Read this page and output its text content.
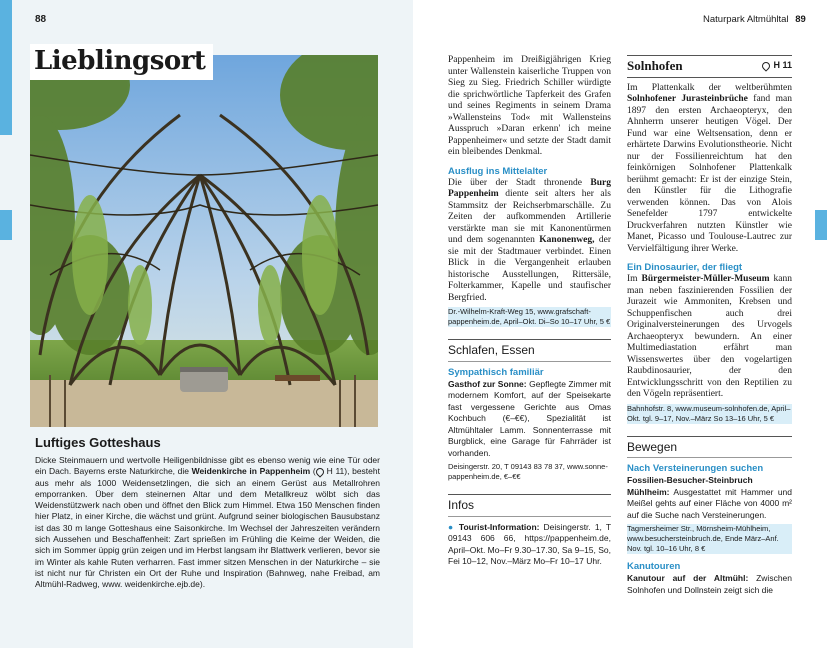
88
Lieblingsort
Luftiges Gotteshaus
Dicke Steinmauern und wertvolle Heiligenbildnisse gibt es ebenso wenig wie eine Tür oder ein Dach. Bayerns erste Naturkirche, die Weidenkirche in Pappenheim ( H 11), besteht aus mehr als 1000 Weidensetzlingen, die sich an einem Gerüst aus Metallrohren emporranken. Über dem steinernen Altar und dem Metallkreuz wölbt sich das Weidenstützwerk nach oben und öffnet den Blick zum Himmel. Etwa 150 Menschen finden hier Platz, in einer Kirche, die wächst und grünt. Aufgrund seiner biologischen Bausubstanz ist das 30 m lange Gotteshaus eine Saisonkirche. Im Wechsel der Jahreszeiten verändern sich Aussehen und Beschaffenheit: Zart sprießen im Frühling die Keime der Weiden, die sich im Sommer üppig grün zeigen und im Herbst langsam ihr Blattwerk verlieren, bevor sie im Winter als kahle Ruten verharren. Fast immer sitzen Menschen in der Naturkirche – sie ist nicht nur für Christen ein Ort der Ruhe und Inspiration (Bahnweg, nahe Freibad, am Altmühl-Radweg, www. weidenkirche.ejb.de).
Naturpark Altmühltal 89

Pappenheim im Dreißigjährigen Krieg unter Wallenstein kaiserliche Truppen von Sieg zu Sieg. Friedrich Schiller würdigte die sprichwörtliche Tapferkeit des Grafen und seines Regiments in seinem Drama »Wallensteins Tod« mit Wallensteins Ausspruch »Daran erkenn' ich meine Pappenheimer« und setzte der Stadt damit ein bleibendes Denkmal.

Ausflug ins Mittelalter

Die über der Stadt thronende Burg Pappenheim diente seit alters her als Stammsitz der Reichserbmarschälle. Zu Zeiten der aufkommenden Artillerie verstärkte man sie mit Kanonentürmen und dem sogenannten Kanonenweg, der sie mit der Stadtmauer verbindet. Einen Blick in die Vergangenheit erlauben historische Ausstellungen, Rittersäle, Folterkammer, Kapelle und staufischer Bergfried.

Dr.-Wilhelm-Kraft-Weg 15, www.grafschaft-pappenheim.de, April–Okt. Di–So 10–17 Uhr, 5 €
Schlafen, Essen
Sympathisch familiär

Gasthof zur Sonne: Gepflegte Zimmer mit modernem Komfort, auf der Speisekarte fast vergessene Gerichte aus Omas Kochbuch (€–€€), Spezialität ist Altmühltaler Lamm. Sonnenterrasse mit Burgblick, eine Garage für Fahrräder ist vorhanden.

Deisingerstr. 20, T 09143 83 78 37, www.sonne-pappenheim.de, €–€€
Infos

● Tourist-Information: Deisingerstr. 1, T 09143 606 66, https://pappenheim.de, April–Okt. Mo–Fr 9.30–17.30, Sa 9–15, So, Fei 10–12, Nov.–März Mo–Fr 10–17 Uhr.

Solnhofen	H 11

Im Plattenkalk der weltberühmten Solnhofener Jurasteinbrüche fand man 1897 den ersten Archaeopteryx, den Ahnherrn unserer heutigen Vögel. Der Fund war eine Weltsensation, denn er erhärtete Darwins Evolutionstheorie. Nicht nur der Fossilienreichtum hat den feinkörnigen Solnhofener Plattenkalk berühmt gemacht: Er ist der einzige Stein, den Künstler für die Lithografie verwenden können. Das von Alois Senefelder 1797 entwickelte Druckverfahren nutzten Künstler wie Manet, Picasso und Toulouse-Lautrec zur Vervielfältigung ihrer Werke.

Ein Dinosaurier, der fliegt

Im Bürgermeister-Müller-Museum kann man neben faszinierenden Fossilien der Jurazeit wie Ammoniten, Krebsen und Schuppenfischen auch drei Originalversteinerungen des Urvogels Archaeopteryx bewundern. An einer Multimediastation erfährt man Wissenswertes über den vogelartigen Raubdinosaurier, der den Entwicklungsschritt von den Reptilien zu den Vögeln repräsentiert.

Bahnhofstr. 8, www.museum-solnhofen.de, April–Okt. tgl. 9–17, Nov.–März So 13–16 Uhr, 5 €
Bewegen
Nach Versteinerungen suchen

Fossilien-Besucher-Steinbruch Mühlheim: Ausgestattet mit Hammer und Meißel gehts auf einer Fläche von 4000 m² auf die Suche nach Versteinerungen.

Tagmersheimer Str., Mörnsheim-Mühlheim, www.besuchersteinbruch.de, Ende März–Anf. Nov. tgl. 10–16 Uhr, 8 €
Kanutouren

Kanutour auf der Altmühl: Zwischen Solnhofen und Dollnstein zeigt sich die
